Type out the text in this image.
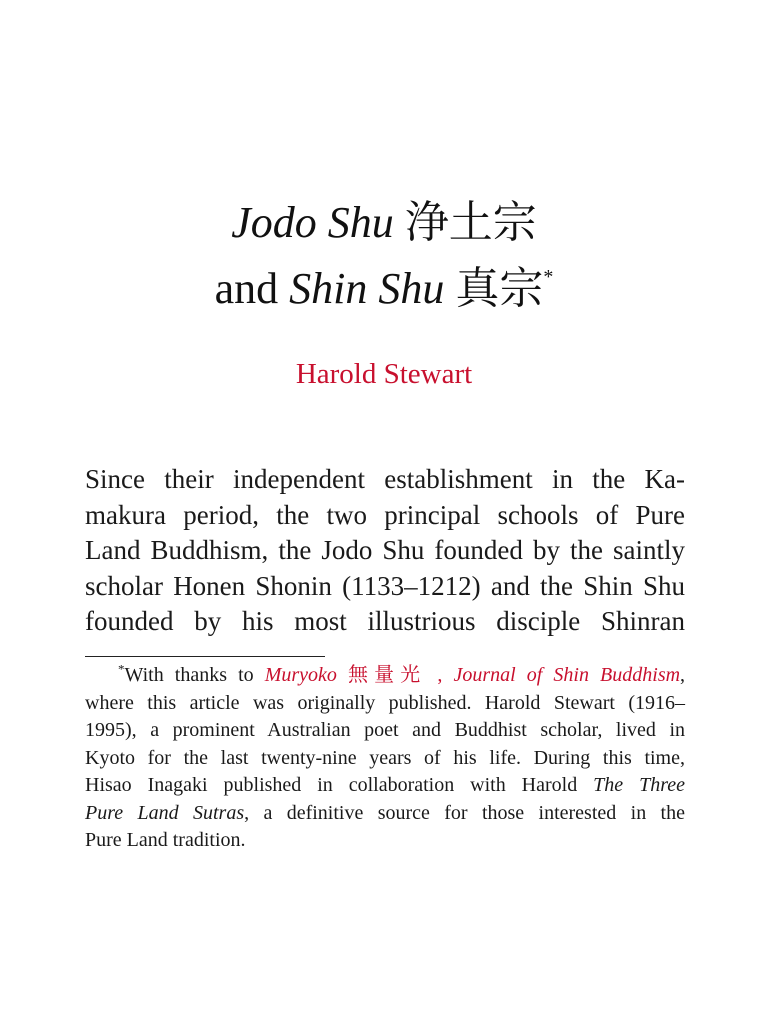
Jodo Shu 浄土宗
and Shin Shu 真宗*
Harold Stewart
Since their independent establishment in the Ka-
makura period, the two principal schools of Pure
Land Buddhism, the Jodo Shu founded by the saintly
scholar Honen Shonin (1133–1212) and the Shin Shu
founded by his most illustrious disciple Shinran
*With thanks to Muryoko 無量光 , Journal of Shin Buddhism,
where this article was originally published. Harold Stewart (1916–
1995), a prominent Australian poet and Buddhist scholar, lived in
Kyoto for the last twenty-nine years of his life. During this time,
Hisao Inagaki published in collaboration with Harold The Three
Pure Land Sutras, a definitive source for those interested in the
Pure Land tradition.
